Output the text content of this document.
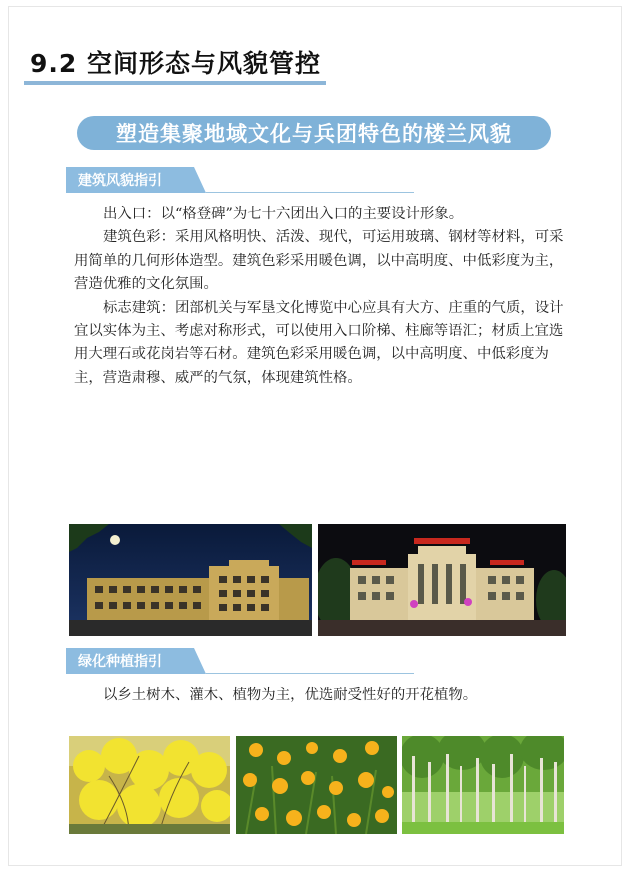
9.2 空间形态与风貌管控
塑造集聚地域文化与兵团特色的楼兰风貌
建筑风貌指引

出入口：以“格登碑”为七十六团出入口的主要设计形象。

建筑色彩：采用风格明快、活泼、现代，可运用玻璃、钢材等材料，可采用简单的几何形体造型。建筑色彩采用暖色调，以中高明度、中低彩度为主，营造优雅的文化氛围。

标志建筑：团部机关与军垦文化博览中心应具有大方、庄重的气质，设计宜以实体为主、考虑对称形式，可以使用入口阶梯、柱廊等语汇；材质上宜选用大理石或花岗岩等石材。建筑色彩采用暖色调，以中高明度、中低彩度为主，营造肃穆、威严的气氛，体现建筑性格。

绿化种植指引

以乡土树木、灌木、植物为主，优选耐受性好的开花植物。
